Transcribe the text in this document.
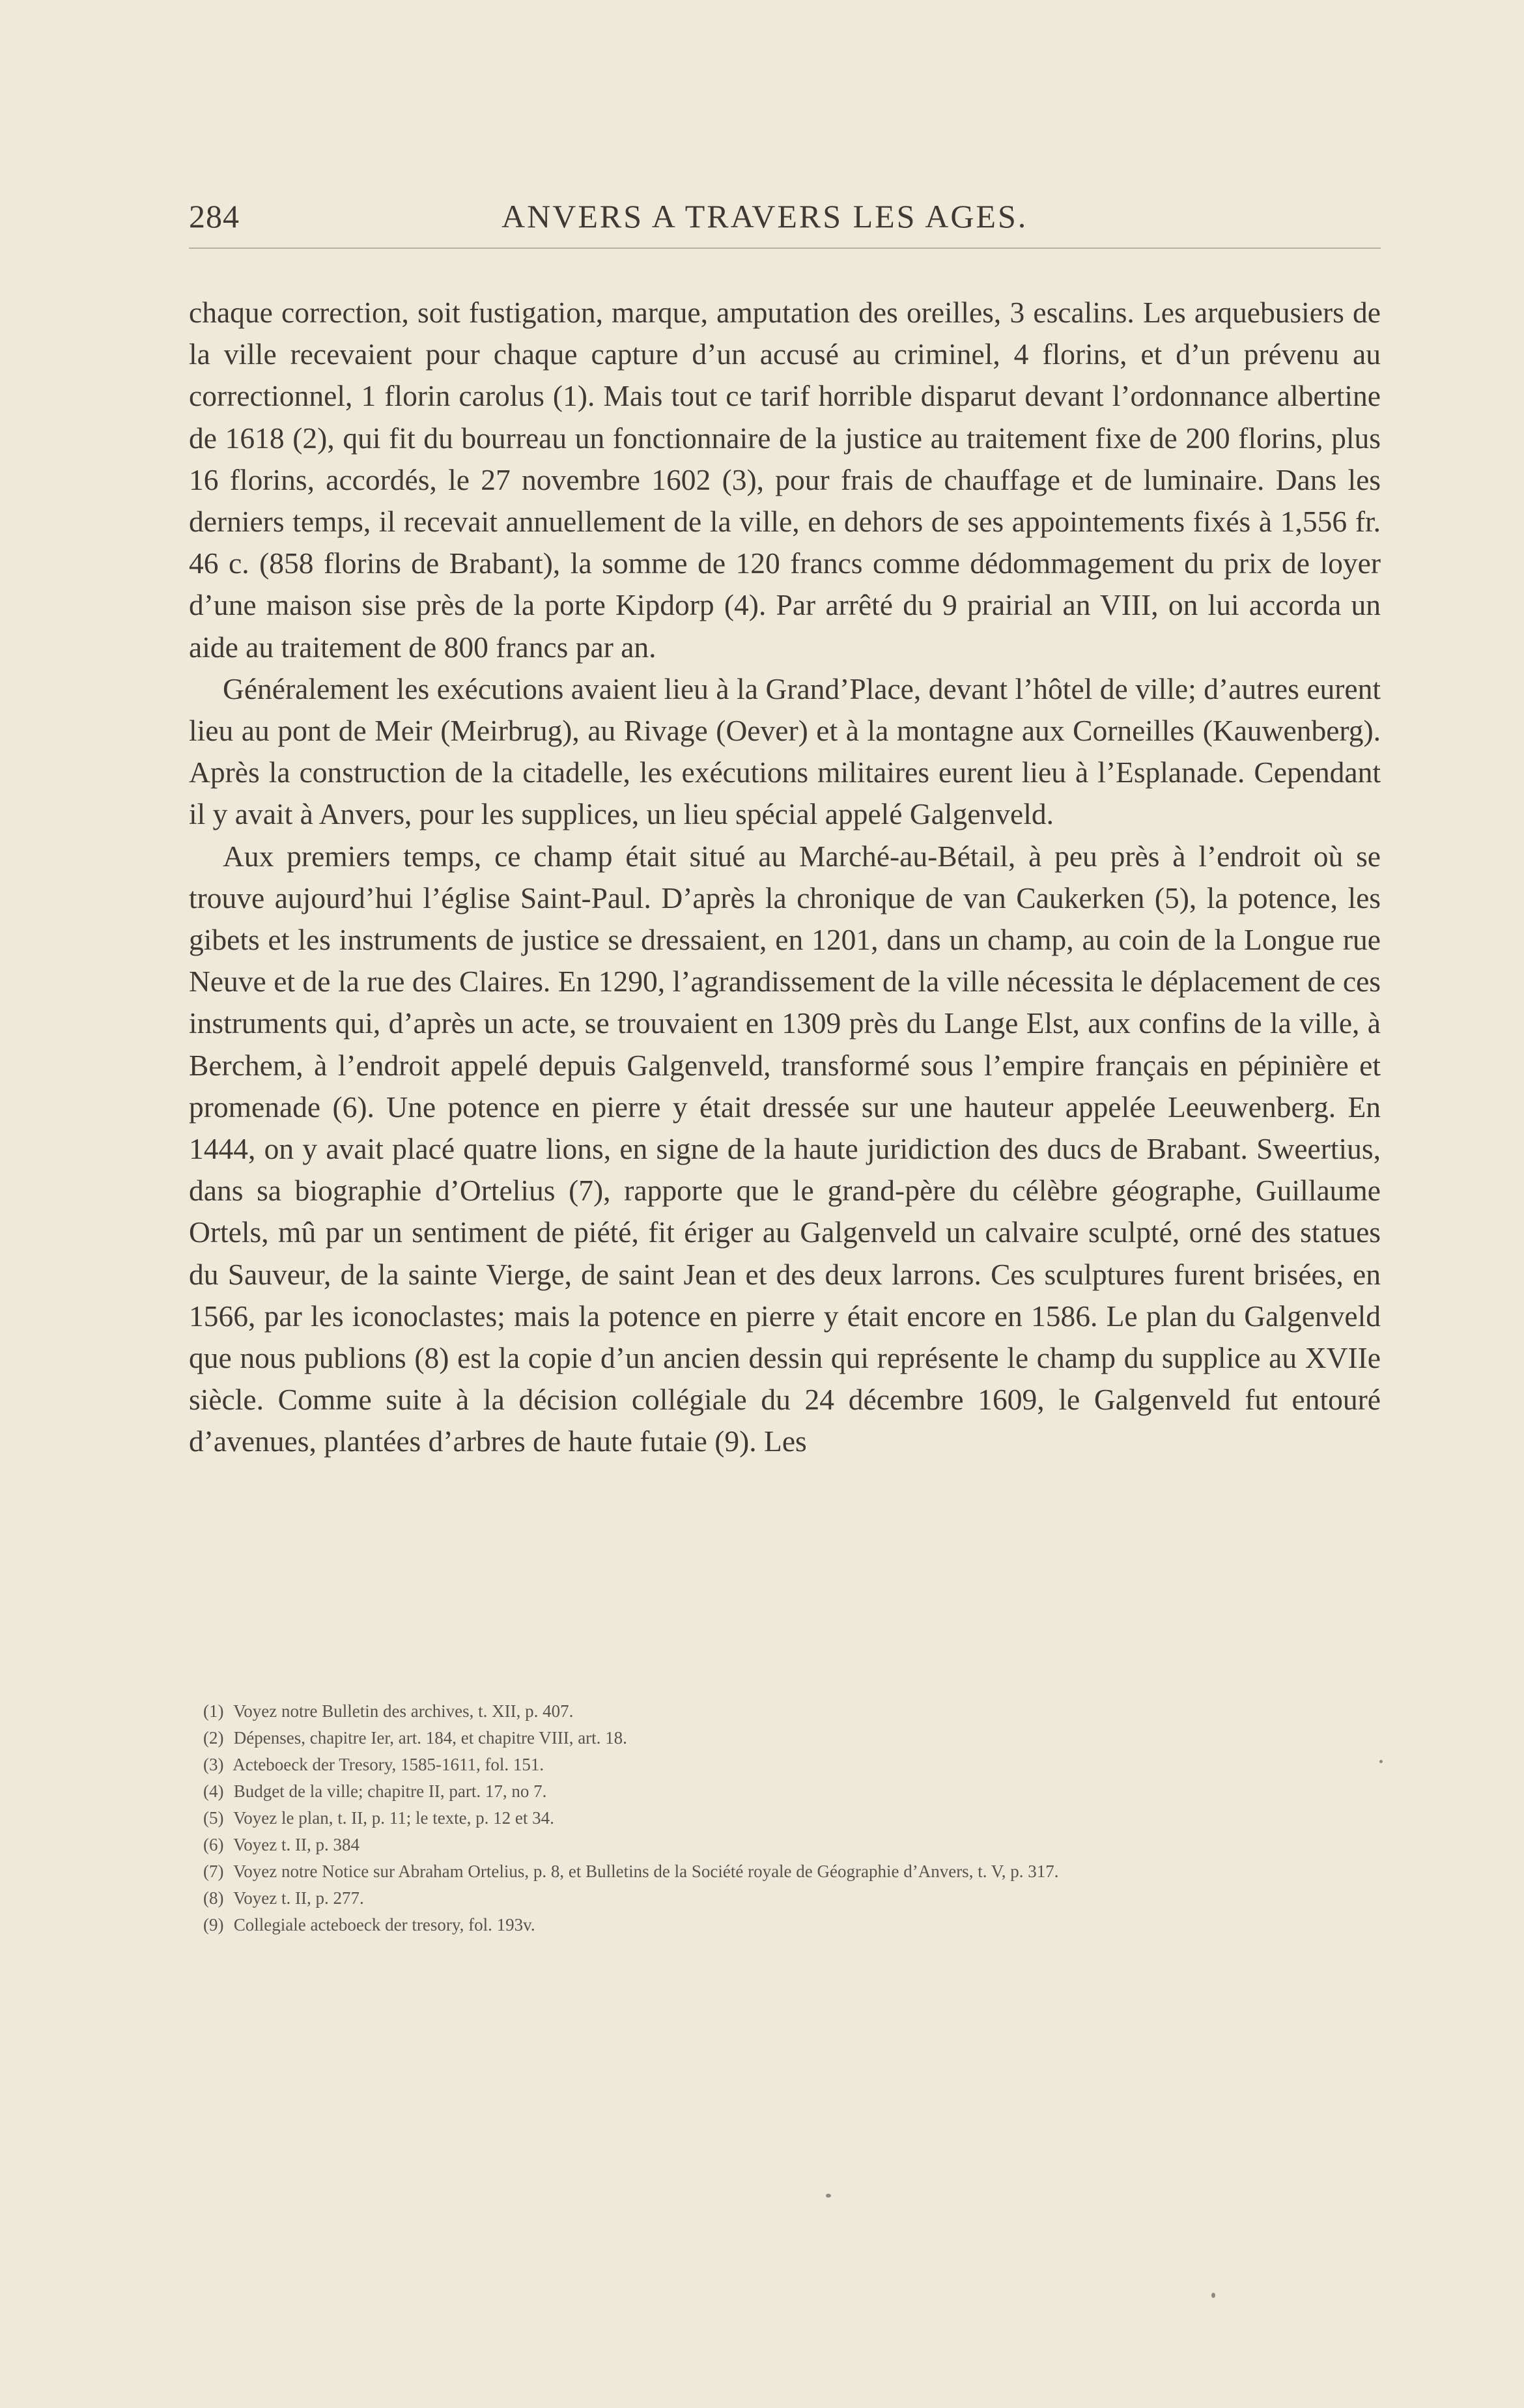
284	ANVERS A TRAVERS LES AGES.

chaque correction, soit fustigation, marque, amputation des oreilles, 3 escalins. Les arquebusiers de la ville recevaient pour chaque capture d’un accusé au criminel, 4 florins, et d’un prévenu au correctionnel, 1 florin carolus (1). Mais tout ce tarif horrible disparut devant l’ordonnance albertine de 1618 (2), qui fit du bourreau un fonctionnaire de la justice au traitement fixe de 200 florins, plus 16 florins, accordés, le 27 novembre 1602 (3), pour frais de chauffage et de luminaire. Dans les derniers temps, il recevait annuellement de la ville, en dehors de ses appointements fixés à 1,556 fr. 46 c. (858 florins de Brabant), la somme de 120 francs comme dédommagement du prix de loyer d’une maison sise près de la porte Kipdorp (4). Par arrêté du 9 prairial an VIII, on lui accorda un aide au traitement de 800 francs par an.

Généralement les exécutions avaient lieu à la Grand’Place, devant l’hôtel de ville; d’autres eurent lieu au pont de Meir (Meirbrug), au Rivage (Oever) et à la montagne aux Corneilles (Kauwenberg). Après la construction de la citadelle, les exécutions militaires eurent lieu à l’Esplanade. Cependant il y avait à Anvers, pour les supplices, un lieu spécial appelé Galgenveld.

Aux premiers temps, ce champ était situé au Marché-au-Bétail, à peu près à l’endroit où se trouve aujourd’hui l’église Saint-Paul. D’après la chronique de van Caukerken (5), la potence, les gibets et les instruments de justice se dressaient, en 1201, dans un champ, au coin de la Longue rue Neuve et de la rue des Claires. En 1290, l’agrandissement de la ville nécessita le déplacement de ces instruments qui, d’après un acte, se trouvaient en 1309 près du Lange Elst, aux confins de la ville, à Berchem, à l’endroit appelé depuis Galgenveld, transformé sous l’empire français en pépinière et promenade (6). Une potence en pierre y était dressée sur une hauteur appelée Leeuwenberg. En 1444, on y avait placé quatre lions, en signe de la haute juridiction des ducs de Brabant. Sweertius, dans sa biographie d’Ortelius (7), rapporte que le grand-père du célèbre géographe, Guillaume Ortels, mû par un sentiment de piété, fit ériger au Galgenveld un calvaire sculpté, orné des statues du Sauveur, de la sainte Vierge, de saint Jean et des deux larrons. Ces sculptures furent brisées, en 1566, par les iconoclastes; mais la potence en pierre y était encore en 1586. Le plan du Galgenveld que nous publions (8) est la copie d’un ancien dessin qui représente le champ du supplice au XVIIe siècle. Comme suite à la décision collégiale du 24 décembre 1609, le Galgenveld fut entouré d’avenues, plantées d’arbres de haute futaie (9). Les

(1) Voyez notre Bulletin des archives, t. XII, p. 407.
(2) Dépenses, chapitre Ier, art. 184, et chapitre VIII, art. 18.
(3) Acteboeck der Tresory, 1585-1611, fol. 151.
(4) Budget de la ville; chapitre II, part. 17, no 7.
(5) Voyez le plan, t. II, p. 11; le texte, p. 12 et 34.
(6) Voyez t. II, p. 384
(7) Voyez notre Notice sur Abraham Ortelius, p. 8, et Bulletins de la Société royale de Géographie d’Anvers, t. V, p. 317.
(8) Voyez t. II, p. 277.
(9) Collegiale acteboeck der tresory, fol. 193v.
